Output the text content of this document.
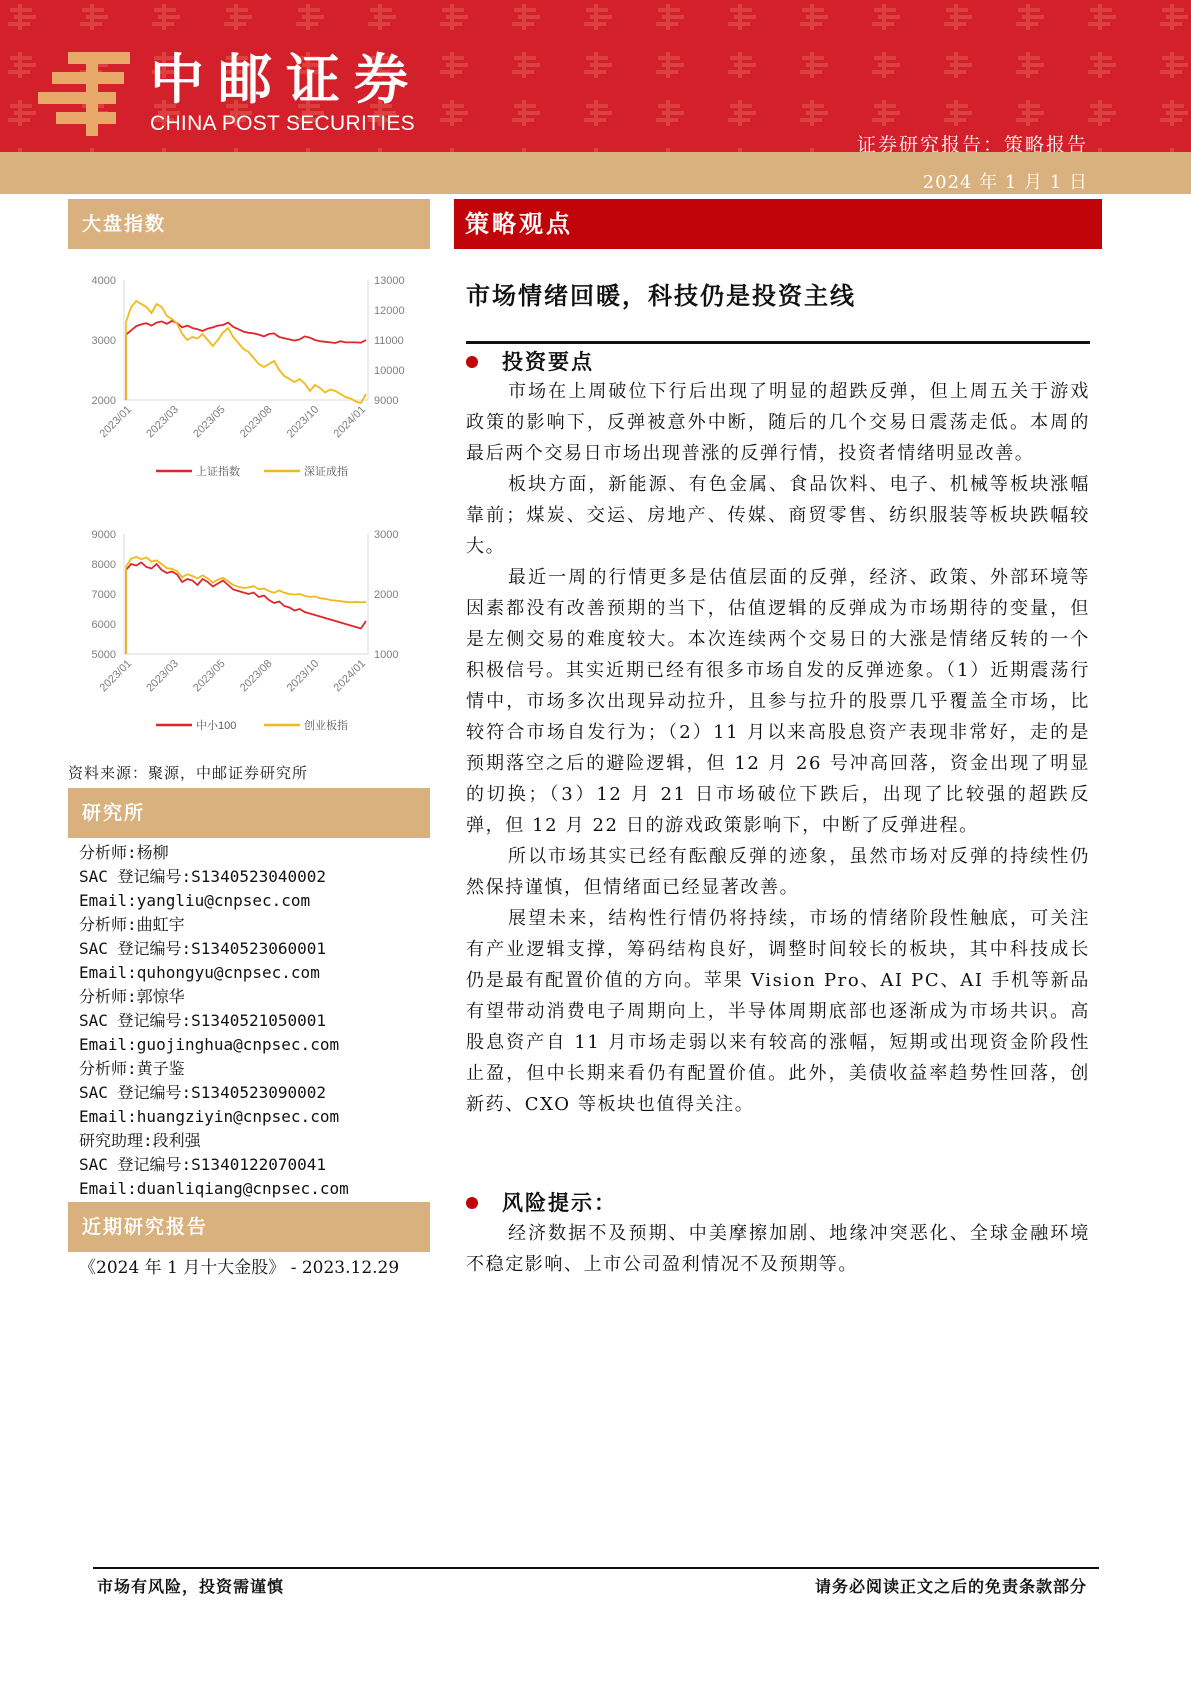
中邮证券
CHINA POST SECURITIES
证券研究报告：策略报告
2024 年 1 月 1 日
大盘指数
2000
3000
4000
9000
10000
11000
12000
13000
2023/01 2023/03 2023/05 2023/08 2023/10 2024/01
上证指数	深证成指
5000
6000
7000
8000
9000
1000
2000
3000
2023/01 2023/03 2023/05 2023/08 2023/10 2024/01
中小100	创业板指
资料来源：聚源，中邮证券研究所
研究所
分析师:杨柳
SAC 登记编号:S1340523040002
Email:yangliu@cnpsec.com
分析师:曲虹宇
SAC 登记编号:S1340523060001
Email:quhongyu@cnpsec.com
分析师:郭惊华
SAC 登记编号:S1340521050001
Email:guojinghua@cnpsec.com
分析师:黄子鉴
SAC 登记编号:S1340523090002
Email:huangziyin@cnpsec.com
研究助理:段利强
SAC 登记编号:S1340122070041
Email:duanliqiang@cnpsec.com
近期研究报告
《2024 年 1 月十大金股》 - 2023.12.29
策略观点
市场情绪回暖，科技仍是投资主线
投资要点

市场在上周破位下行后出现了明显的超跌反弹，但上周五关于游戏政策的影响下，反弹被意外中断，随后的几个交易日震荡走低。本周的最后两个交易日市场出现普涨的反弹行情，投资者情绪明显改善。

板块方面，新能源、有色金属、食品饮料、电子、机械等板块涨幅靠前；煤炭、交运、房地产、传媒、商贸零售、纺织服装等板块跌幅较大。

最近一周的行情更多是估值层面的反弹，经济、政策、外部环境等因素都没有改善预期的当下，估值逻辑的反弹成为市场期待的变量，但是左侧交易的难度较大。本次连续两个交易日的大涨是情绪反转的一个积极信号。其实近期已经有很多市场自发的反弹迹象。（1）近期震荡行情中，市场多次出现异动拉升，且参与拉升的股票几乎覆盖全市场，比较符合市场自发行为；（2）11 月以来高股息资产表现非常好，走的是预期落空之后的避险逻辑，但 12 月 26 号冲高回落，资金出现了明显的切换；（3）12 月 21 日市场破位下跌后，出现了比较强的超跌反弹，但 12 月 22 日的游戏政策影响下，中断了反弹进程。

所以市场其实已经有酝酿反弹的迹象，虽然市场对反弹的持续性仍然保持谨慎，但情绪面已经显著改善。

展望未来，结构性行情仍将持续，市场的情绪阶段性触底，可关注有产业逻辑支撑，筹码结构良好，调整时间较长的板块，其中科技成长仍是最有配置价值的方向。苹果 Vision Pro、AI PC、AI 手机等新品有望带动消费电子周期向上，半导体周期底部也逐渐成为市场共识。高股息资产自 11 月市场走弱以来有较高的涨幅，短期或出现资金阶段性止盈，但中长期来看仍有配置价值。此外，美债收益率趋势性回落，创新药、CXO 等板块也值得关注。

风险提示：

经济数据不及预期、中美摩擦加剧、地缘冲突恶化、全球金融环境不稳定影响、上市公司盈利情况不及预期等。

市场有风险，投资需谨慎	请务必阅读正文之后的免责条款部分
